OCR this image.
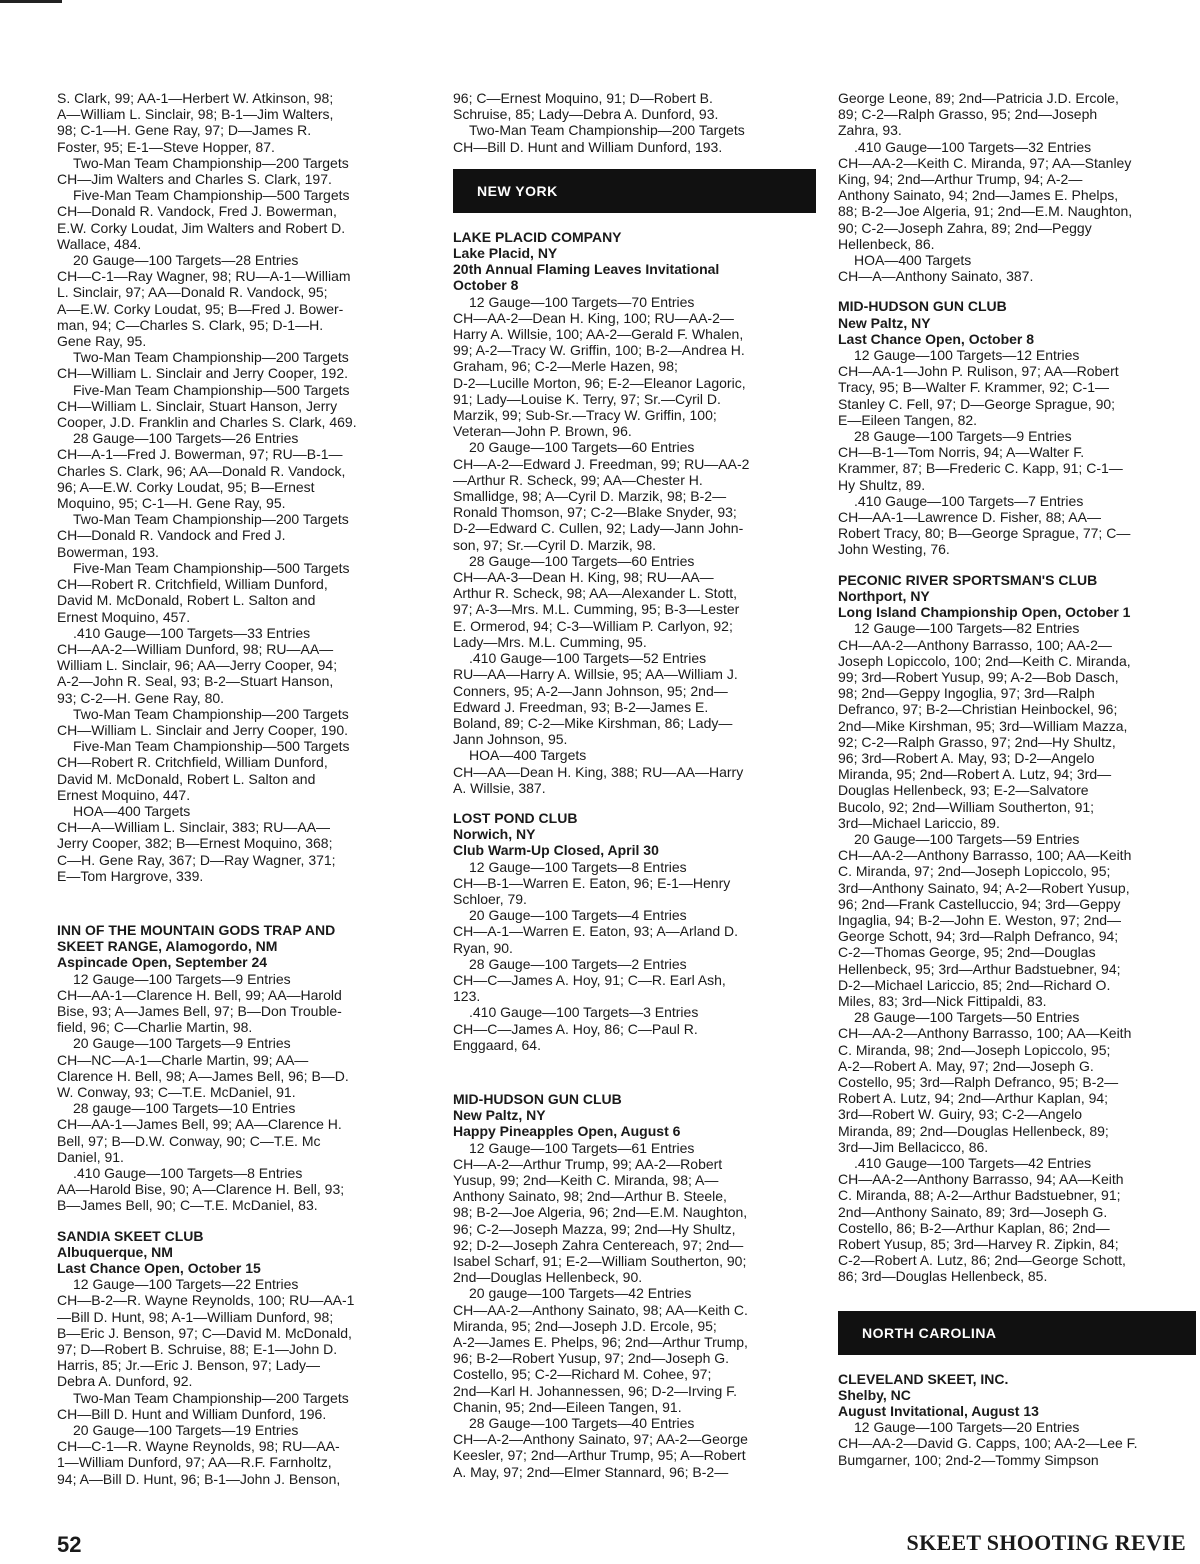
S. Clark, 99; AA-1—Herbert W. Atkinson, 98;
A—William L. Sinclair, 98; B-1—Jim Walters,
98; C-1—H. Gene Ray, 97; D—James R.
Foster, 95; E-1—Steve Hopper, 87.
Two-Man Team Championship—200 Targets
CH—Jim Walters and Charles S. Clark, 197.
Five-Man Team Championship—500 Targets
CH—Donald R. Vandock, Fred J. Bowerman,
E.W. Corky Loudat, Jim Walters and Robert D.
Wallace, 484.
20 Gauge—100 Targets—28 Entries
CH—C-1—Ray Wagner, 98; RU—A-1—William
L. Sinclair, 97; AA—Donald R. Vandock, 95;
A—E.W. Corky Loudat, 95; B—Fred J. Bower-
man, 94; C—Charles S. Clark, 95; D-1—H.
Gene Ray, 95.
Two-Man Team Championship—200 Targets
CH—William L. Sinclair and Jerry Cooper, 192.
Five-Man Team Championship—500 Targets
CH—William L. Sinclair, Stuart Hanson, Jerry
Cooper, J.D. Franklin and Charles S. Clark, 469.
28 Gauge—100 Targets—26 Entries
CH—A-1—Fred J. Bowerman, 97; RU—B-1—
Charles S. Clark, 96; AA—Donald R. Vandock,
96; A—E.W. Corky Loudat, 95; B—Ernest
Moquino, 95; C-1—H. Gene Ray, 95.
Two-Man Team Championship—200 Targets
CH—Donald R. Vandock and Fred J.
Bowerman, 193.
Five-Man Team Championship—500 Targets
CH—Robert R. Critchfield, William Dunford,
David M. McDonald, Robert L. Salton and
Ernest Moquino, 457.
.410 Gauge—100 Targets—33 Entries
CH—AA-2—William Dunford, 98; RU—AA—
William L. Sinclair, 96; AA—Jerry Cooper, 94;
A-2—John R. Seal, 93; B-2—Stuart Hanson,
93; C-2—H. Gene Ray, 80.
Two-Man Team Championship—200 Targets
CH—William L. Sinclair and Jerry Cooper, 190.
Five-Man Team Championship—500 Targets
CH—Robert R. Critchfield, William Dunford,
David M. McDonald, Robert L. Salton and
Ernest Moquino, 447.
HOA—400 Targets
CH—A—William L. Sinclair, 383; RU—AA—
Jerry Cooper, 382; B—Ernest Moquino, 368;
C—H. Gene Ray, 367; D—Ray Wagner, 371;
E—Tom Hargrove, 339.
INN OF THE MOUNTAIN GODS TRAP AND
SKEET RANGE, Alamogordo, NM
Aspincade Open, September 24
12 Gauge—100 Targets—9 Entries
CH—AA-1—Clarence H. Bell, 99; AA—Harold
Bise, 93; A—James Bell, 97; B—Don Trouble-
field, 96; C—Charlie Martin, 98.
20 Gauge—100 Targets—9 Entries
CH—NC—A-1—Charle Martin, 99; AA—
Clarence H. Bell, 98; A—James Bell, 96; B—D.
W. Conway, 93; C—T.E. McDaniel, 91.
28 gauge—100 Targets—10 Entries
CH—AA-1—James Bell, 99; AA—Clarence H.
Bell, 97; B—D.W. Conway, 90; C—T.E. Mc
Daniel, 91.
.410 Gauge—100 Targets—8 Entries
AA—Harold Bise, 90; A—Clarence H. Bell, 93;
B—James Bell, 90; C—T.E. McDaniel, 83.
SANDIA SKEET CLUB
Albuquerque, NM
Last Chance Open, October 15
12 Gauge—100 Targets—22 Entries
CH—B-2—R. Wayne Reynolds, 100; RU—AA-1
—Bill D. Hunt, 98; A-1—William Dunford, 98;
B—Eric J. Benson, 97; C—David M. McDonald,
97; D—Robert B. Schruise, 88; E-1—John D.
Harris, 85; Jr.—Eric J. Benson, 97; Lady—
Debra A. Dunford, 92.
Two-Man Team Championship—200 Targets
CH—Bill D. Hunt and William Dunford, 196.
20 Gauge—100 Targets—19 Entries
CH—C-1—R. Wayne Reynolds, 98; RU—AA-
1—William Dunford, 97; AA—R.F. Farnholtz,
94; A—Bill D. Hunt, 96; B-1—John J. Benson,
96; C—Ernest Moquino, 91; D—Robert B.
Schruise, 85; Lady—Debra A. Dunford, 93.
Two-Man Team Championship—200 Targets
CH—Bill D. Hunt and William Dunford, 193.
NEW YORK
LAKE PLACID COMPANY
Lake Placid, NY
20th Annual Flaming Leaves Invitational
October 8
12 Gauge—100 Targets—70 Entries
CH—AA-2—Dean H. King, 100; RU—AA-2—
Harry A. Willsie, 100; AA-2—Gerald F. Whalen,
99; A-2—Tracy W. Griffin, 100; B-2—Andrea H.
Graham, 96; C-2—Merle Hazen, 98;
D-2—Lucille Morton, 96; E-2—Eleanor Lagoric,
91; Lady—Louise K. Terry, 97; Sr.—Cyril D.
Marzik, 99; Sub-Sr.—Tracy W. Griffin, 100;
Veteran—John P. Brown, 96.
20 Gauge—100 Targets—60 Entries
CH—A-2—Edward J. Freedman, 99; RU—AA-2
—Arthur R. Scheck, 99; AA—Chester H.
Smallidge, 98; A—Cyril D. Marzik, 98; B-2—
Ronald Thomson, 97; C-2—Blake Snyder, 93;
D-2—Edward C. Cullen, 92; Lady—Jann John-
son, 97; Sr.—Cyril D. Marzik, 98.
28 Gauge—100 Targets—60 Entries
CH—AA-3—Dean H. King, 98; RU—AA—
Arthur R. Scheck, 98; AA—Alexander L. Stott,
97; A-3—Mrs. M.L. Cumming, 95; B-3—Lester
E. Ormerod, 94; C-3—William P. Carlyon, 92;
Lady—Mrs. M.L. Cumming, 95.
.410 Gauge—100 Targets—52 Entries
RU—AA—Harry A. Willsie, 95; AA—William J.
Conners, 95; A-2—Jann Johnson, 95; 2nd—
Edward J. Freedman, 93; B-2—James E.
Boland, 89; C-2—Mike Kirshman, 86; Lady—
Jann Johnson, 95.
HOA—400 Targets
CH—AA—Dean H. King, 388; RU—AA—Harry
A. Willsie, 387.
LOST POND CLUB
Norwich, NY
Club Warm-Up Closed, April 30
12 Gauge—100 Targets—8 Entries
CH—B-1—Warren E. Eaton, 96; E-1—Henry
Schloer, 79.
20 Gauge—100 Targets—4 Entries
CH—A-1—Warren E. Eaton, 93; A—Arland D.
Ryan, 90.
28 Gauge—100 Targets—2 Entries
CH—C—James A. Hoy, 91; C—R. Earl Ash,
123.
.410 Gauge—100 Targets—3 Entries
CH—C—James A. Hoy, 86; C—Paul R.
Enggaard, 64.
MID-HUDSON GUN CLUB
New Paltz, NY
Happy Pineapples Open, August 6
12 Gauge—100 Targets—61 Entries
CH—A-2—Arthur Trump, 99; AA-2—Robert
Yusup, 99; 2nd—Keith C. Miranda, 98; A—
Anthony Sainato, 98; 2nd—Arthur B. Steele,
98; B-2—Joe Algeria, 96; 2nd—E.M. Naughton,
96; C-2—Joseph Mazza, 99; 2nd—Hy Shultz,
92; D-2—Joseph Zahra Centereach, 97; 2nd—
Isabel Scharf, 91; E-2—William Southerton, 90;
2nd—Douglas Hellenbeck, 90.
20 gauge—100 Targets—42 Entries
CH—AA-2—Anthony Sainato, 98; AA—Keith C.
Miranda, 95; 2nd—Joseph J.D. Ercole, 95;
A-2—James E. Phelps, 96; 2nd—Arthur Trump,
96; B-2—Robert Yusup, 97; 2nd—Joseph G.
Costello, 95; C-2—Richard M. Cohee, 97;
2nd—Karl H. Johannessen, 96; D-2—Irving F.
Chanin, 95; 2nd—Eileen Tangen, 91.
28 Gauge—100 Targets—40 Entries
CH—A-2—Anthony Sainato, 97; AA-2—George
Keesler, 97; 2nd—Arthur Trump, 95; A—Robert
A. May, 97; 2nd—Elmer Stannard, 96; B-2—
George Leone, 89; 2nd—Patricia J.D. Ercole,
89; C-2—Ralph Grasso, 95; 2nd—Joseph
Zahra, 93.
.410 Gauge—100 Targets—32 Entries
CH—AA-2—Keith C. Miranda, 97; AA—Stanley
King, 94; 2nd—Arthur Trump, 94; A-2—
Anthony Sainato, 94; 2nd—James E. Phelps,
88; B-2—Joe Algeria, 91; 2nd—E.M. Naughton,
90; C-2—Joseph Zahra, 89; 2nd—Peggy
Hellenbeck, 86.
HOA—400 Targets
CH—A—Anthony Sainato, 387.
MID-HUDSON GUN CLUB
New Paltz, NY
Last Chance Open, October 8
12 Gauge—100 Targets—12 Entries
CH—AA-1—John P. Rulison, 97; AA—Robert
Tracy, 95; B—Walter F. Krammer, 92; C-1—
Stanley C. Fell, 97; D—George Sprague, 90;
E—Eileen Tangen, 82.
28 Gauge—100 Targets—9 Entries
CH—B-1—Tom Norris, 94; A—Walter F.
Krammer, 87; B—Frederic C. Kapp, 91; C-1—
Hy Shultz, 89.
.410 Gauge—100 Targets—7 Entries
CH—AA-1—Lawrence D. Fisher, 88; AA—
Robert Tracy, 80; B—George Sprague, 77; C—
John Westing, 76.
PECONIC RIVER SPORTSMAN'S CLUB
Northport, NY
Long Island Championship Open, October 1
12 Gauge—100 Targets—82 Entries
CH—AA-2—Anthony Barrasso, 100; AA-2—
Joseph Lopiccolo, 100; 2nd—Keith C. Miranda,
99; 3rd—Robert Yusup, 99; A-2—Bob Dasch,
98; 2nd—Geppy Ingoglia, 97; 3rd—Ralph
Defranco, 97; B-2—Christian Heinbockel, 96;
2nd—Mike Kirshman, 95; 3rd—William Mazza,
92; C-2—Ralph Grasso, 97; 2nd—Hy Shultz,
96; 3rd—Robert A. May, 93; D-2—Angelo
Miranda, 95; 2nd—Robert A. Lutz, 94; 3rd—
Douglas Hellenbeck, 93; E-2—Salvatore
Bucolo, 92; 2nd—William Southerton, 91;
3rd—Michael Lariccio, 89.
20 Gauge—100 Targets—59 Entries
CH—AA-2—Anthony Barrasso, 100; AA—Keith
C. Miranda, 97; 2nd—Joseph Lopiccolo, 95;
3rd—Anthony Sainato, 94; A-2—Robert Yusup,
96; 2nd—Frank Castelluccio, 94; 3rd—Geppy
Ingaglia, 94; B-2—John E. Weston, 97; 2nd—
George Schott, 94; 3rd—Ralph Defranco, 94;
C-2—Thomas George, 95; 2nd—Douglas
Hellenbeck, 95; 3rd—Arthur Badstuebner, 94;
D-2—Michael Lariccio, 85; 2nd—Richard O.
Miles, 83; 3rd—Nick Fittipaldi, 83.
28 Gauge—100 Targets—50 Entries
CH—AA-2—Anthony Barrasso, 100; AA—Keith
C. Miranda, 98; 2nd—Joseph Lopiccolo, 95;
A-2—Robert A. May, 97; 2nd—Joseph G.
Costello, 95; 3rd—Ralph Defranco, 95; B-2—
Robert A. Lutz, 94; 2nd—Arthur Kaplan, 94;
3rd—Robert W. Guiry, 93; C-2—Angelo
Miranda, 89; 2nd—Douglas Hellenbeck, 89;
3rd—Jim Bellacicco, 86.
.410 Gauge—100 Targets—42 Entries
CH—AA-2—Anthony Barrasso, 94; AA—Keith
C. Miranda, 88; A-2—Arthur Badstuebner, 91;
2nd—Anthony Sainato, 89; 3rd—Joseph G.
Costello, 86; B-2—Arthur Kaplan, 86; 2nd—
Robert Yusup, 85; 3rd—Harvey R. Zipkin, 84;
C-2—Robert A. Lutz, 86; 2nd—George Schott,
86; 3rd—Douglas Hellenbeck, 85.
NORTH CAROLINA
CLEVELAND SKEET, INC.
Shelby, NC
August Invitational, August 13
12 Gauge—100 Targets—20 Entries
CH—AA-2—David G. Capps, 100; AA-2—Lee F.
Bumgarner, 100; 2nd-2—Tommy Simpson
52	SKEET SHOOTING REVIE
